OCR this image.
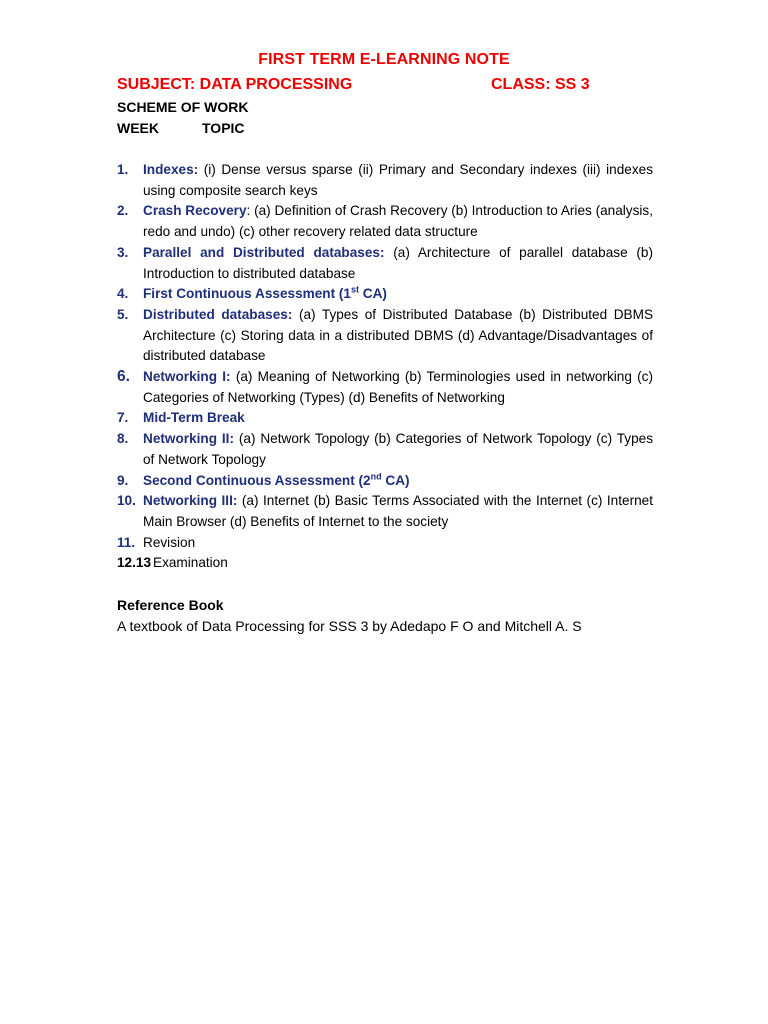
FIRST TERM E-LEARNING NOTE
SUBJECT: DATA PROCESSING	CLASS: SS 3
SCHEME OF WORK
WEEK	TOPIC
1. Indexes: (i) Dense versus sparse (ii) Primary and Secondary indexes (iii) indexes using composite search keys
2. Crash Recovery: (a) Definition of Crash Recovery (b) Introduction to Aries (analysis, redo and undo) (c) other recovery related data structure
3. Parallel and Distributed databases: (a) Architecture of parallel database (b) Introduction to distributed database
4. First Continuous Assessment (1st CA)
5. Distributed databases: (a) Types of Distributed Database (b) Distributed DBMS Architecture (c) Storing data in a distributed DBMS (d) Advantage/Disadvantages of distributed database
6. Networking I: (a) Meaning of Networking (b) Terminologies used in networking (c) Categories of Networking (Types) (d) Benefits of Networking
7. Mid-Term Break
8. Networking II: (a) Network Topology (b) Categories of Network Topology (c) Types of Network Topology
9. Second Continuous Assessment (2nd CA)
10. Networking III: (a) Internet (b) Basic Terms Associated with the Internet (c) Internet Main Browser (d) Benefits of Internet to the society
11. Revision
12.13 Examination
Reference Book
A textbook of Data Processing for SSS 3 by Adedapo F O and Mitchell A. S
